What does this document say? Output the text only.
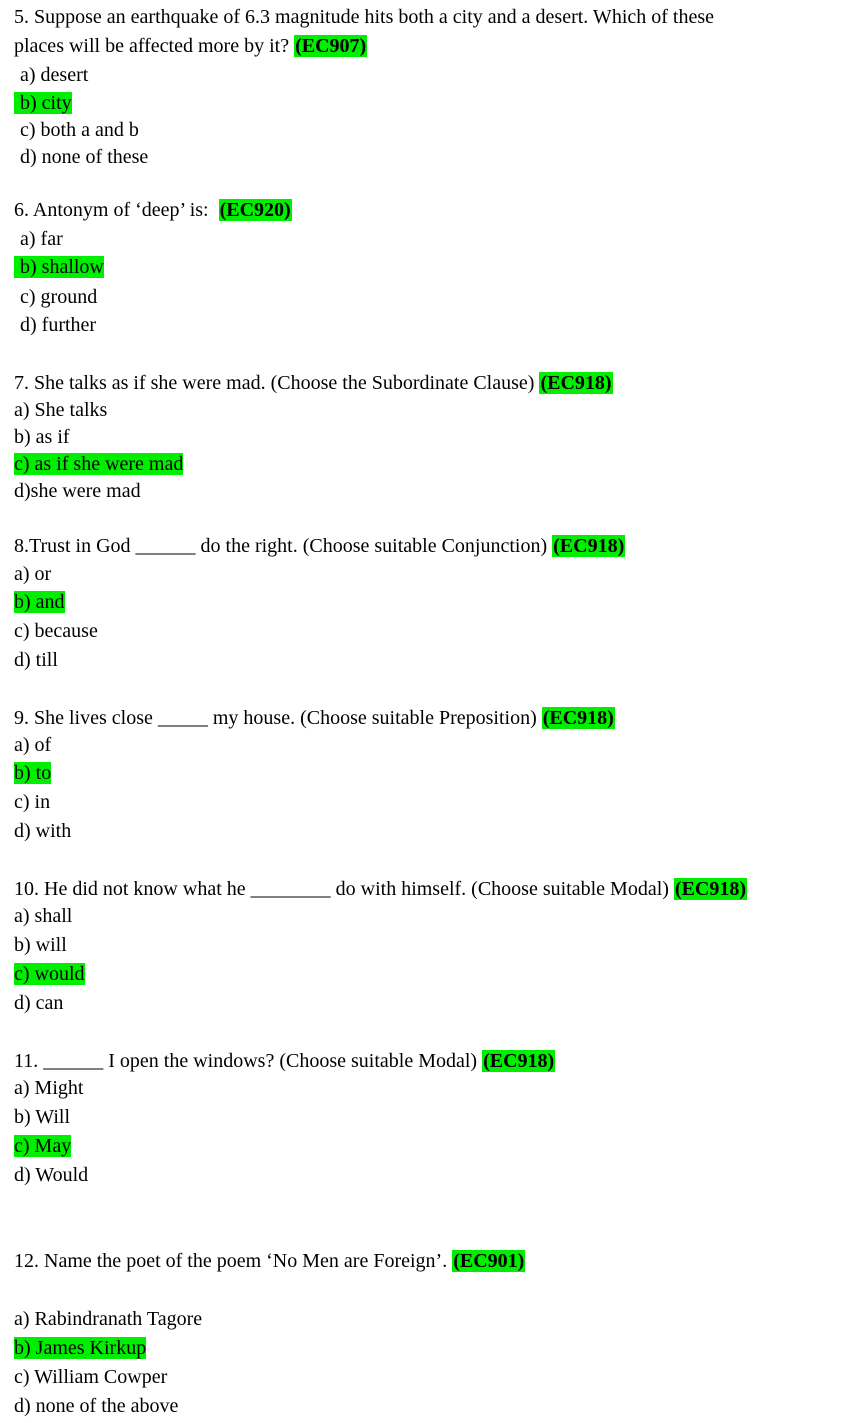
5. Suppose an earthquake of 6.3 magnitude hits both a city and a desert. Which of these
places will be affected more by it? (EC907)
a) desert
b) city
c) both a and b
d) none of these
6. Antonym of ‘deep’ is: (EC920)
a) far
b) shallow
c) ground
d) further
7. She talks as if she were mad. (Choose the Subordinate Clause) (EC918)
a) She talks
b) as if
c) as if she were mad
d)she were mad
8.Trust in God ______ do the right. (Choose suitable Conjunction) (EC918)
a) or
b) and
c) because
d) till
9. She lives close _____ my house. (Choose suitable Preposition) (EC918)
a) of
b) to
c) in
d) with
10. He did not know what he ________ do with himself. (Choose suitable Modal) (EC918)
a) shall
b) will
c) would
d) can
11. ______ I open the windows? (Choose suitable Modal) (EC918)
a) Might
b) Will
c) May
d) Would
12. Name the poet of the poem ‘No Men are Foreign’. (EC901)
a) Rabindranath Tagore
b) James Kirkup
c) William Cowper
d) none of the above
